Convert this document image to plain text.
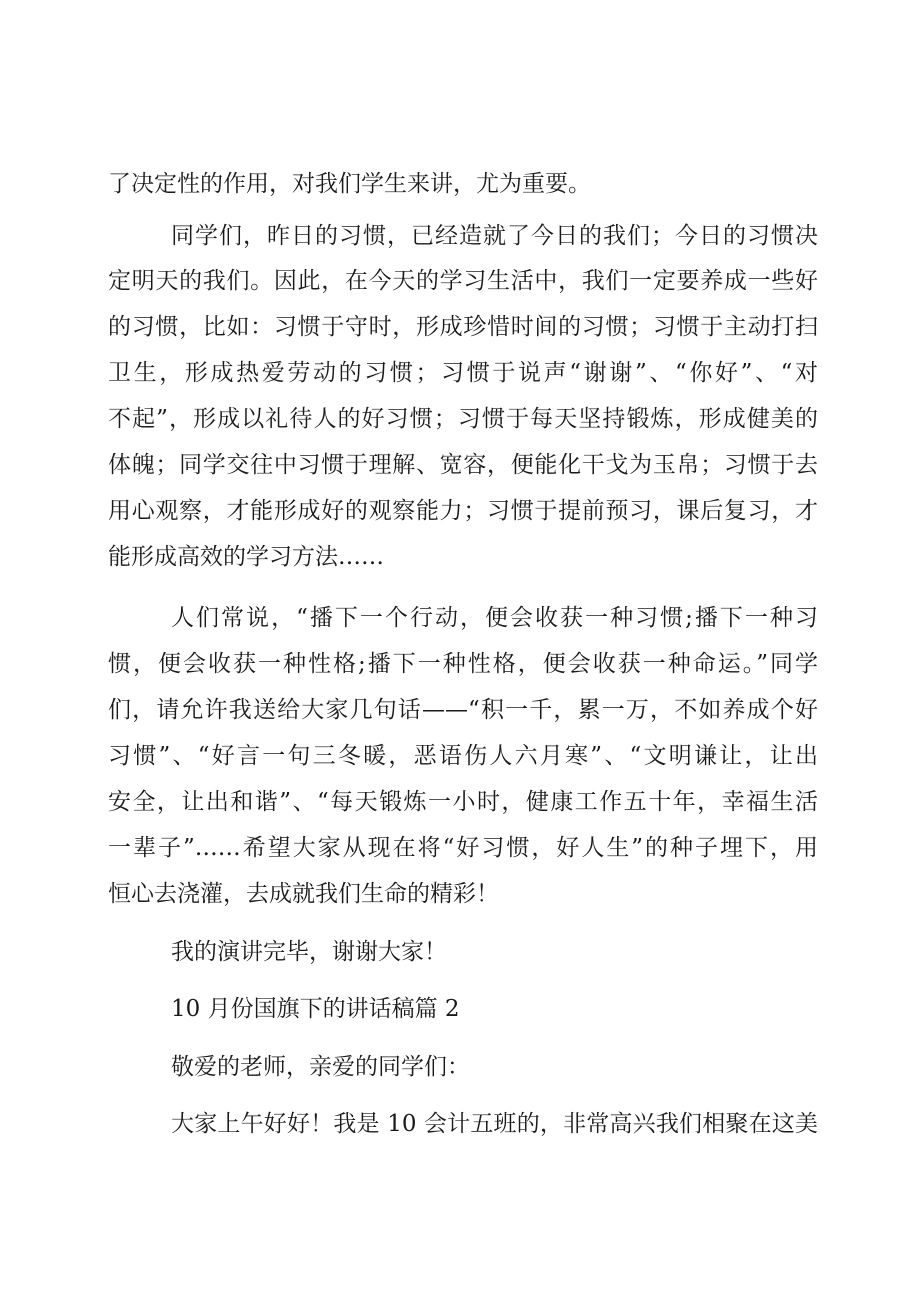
了决定性的作用，对我们学生来讲，尤为重要。
同学们，昨日的习惯，已经造就了今日的我们；今日的习惯决
定明天的我们。因此，在今天的学习生活中，我们一定要养成一些好
的习惯，比如：习惯于守时，形成珍惜时间的习惯；习惯于主动打扫
卫生，形成热爱劳动的习惯；习惯于说声“谢谢”、“你好”、“对
不起”，形成以礼待人的好习惯；习惯于每天坚持锻炼，形成健美的
体魄；同学交往中习惯于理解、宽容，便能化干戈为玉帛；习惯于去
用心观察，才能形成好的观察能力；习惯于提前预习，课后复习，才
能形成高效的学习方法……
人们常说，“播下一个行动，便会收获一种习惯;播下一种习
惯，便会收获一种性格;播下一种性格，便会收获一种命运。”同学
们，请允许我送给大家几句话——“积一千，累一万，不如养成个好
习惯”、“好言一句三冬暖，恶语伤人六月寒”、“文明谦让，让出
安全，让出和谐”、“每天锻炼一小时，健康工作五十年，幸福生活
一辈子”……希望大家从现在将“好习惯，好人生”的种子埋下，用
恒心去浇灌，去成就我们生命的精彩！
我的演讲完毕，谢谢大家！
10 月份国旗下的讲话稿篇 2
敬爱的老师，亲爱的同学们：
大家上午好好！我是 10 会计五班的，非常高兴我们相聚在这美
